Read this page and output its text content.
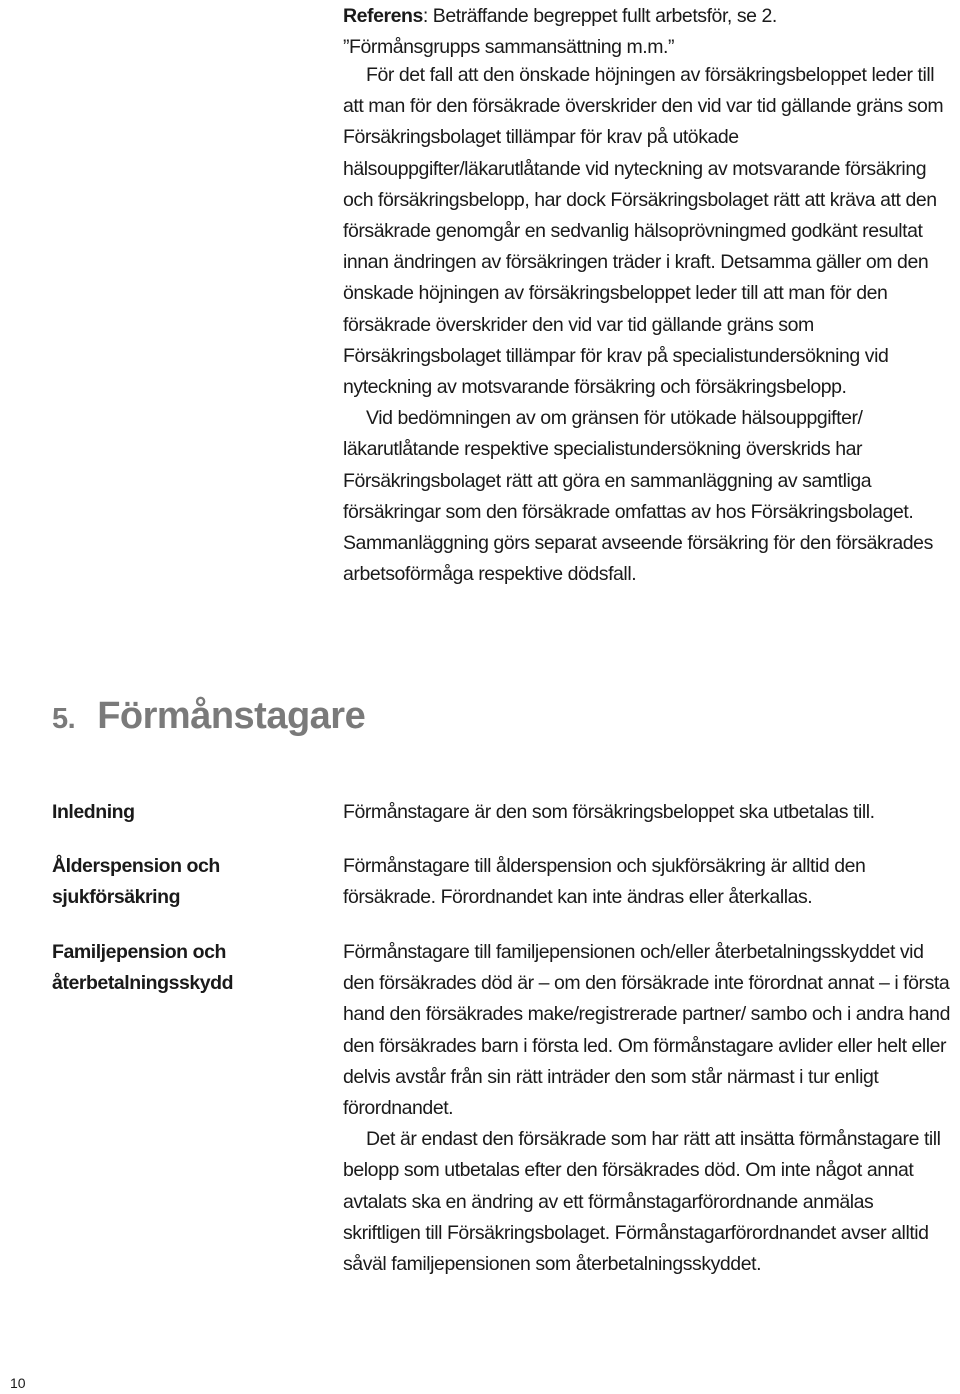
Referens: Beträffande begreppet fullt arbetsför, se 2.

”Förmånsgrupps sammansättning m.m.”

För det fall att den önskade höjningen av försäkringsbeloppet leder till att man för den försäkrade överskrider den vid var tid gällande gräns som Försäkringsbolaget tillämpar för krav på utökade hälsouppgifter/läkarutlåtande vid nyteckning av motsvarande försäkring och försäkringsbelopp, har dock Försäkringsbolaget rätt att kräva att den försäkrade genomgår en sedvanlig hälsoprövningmed godkänt resultat innan ändringen av försäkringen träder i kraft. Detsamma gäller om den önskade höjningen av försäkringsbeloppet leder till att man för den försäkrade överskrider den vid var tid gällande gräns som Försäkringsbolaget tillämpar för krav på specialistundersökning vid nyteckning av motsvarande försäkring och försäkringsbelopp.

Vid bedömningen av om gränsen för utökade hälsouppgifter/ läkarutlåtande respektive specialistundersökning överskrids har Försäkringsbolaget rätt att göra en sammanläggning av samtliga försäkringar som den försäkrade omfattas av hos Försäkringsbolaget. Sammanläggning görs separat avseende försäkring för den försäkrades arbetsoförmåga respektive dödsfall.

5. Förmånstagare

Inledning	Förmånstagare är den som försäkringsbeloppet ska utbetalas till.

Ålderspension och sjukförsäkring

Förmånstagare till ålderspension och sjukförsäkring är alltid den försäkrade. Förordnandet kan inte ändras eller återkallas.

Familjepension och återbetalningsskydd

Förmånstagare till familjepensionen och/eller återbetalningsskyddet vid den försäkrades död är – om den försäkrade inte förordnat annat – i första hand den försäkrades make/registrerade partner/ sambo och i andra hand den försäkrades barn i första led. Om förmånstagare avlider eller helt eller delvis avstår från sin rätt inträder den som står närmast i tur enligt förordnandet.

Det är endast den försäkrade som har rätt att insätta förmånstagare till belopp som utbetalas efter den försäkrades död. Om inte något annat avtalats ska en ändring av ett förmånstagarförordnande anmälas skriftligen till Försäkringsbolaget. Förmånstagarförordnandet avser alltid såväl familjepensionen som återbetalningsskyddet.

10
